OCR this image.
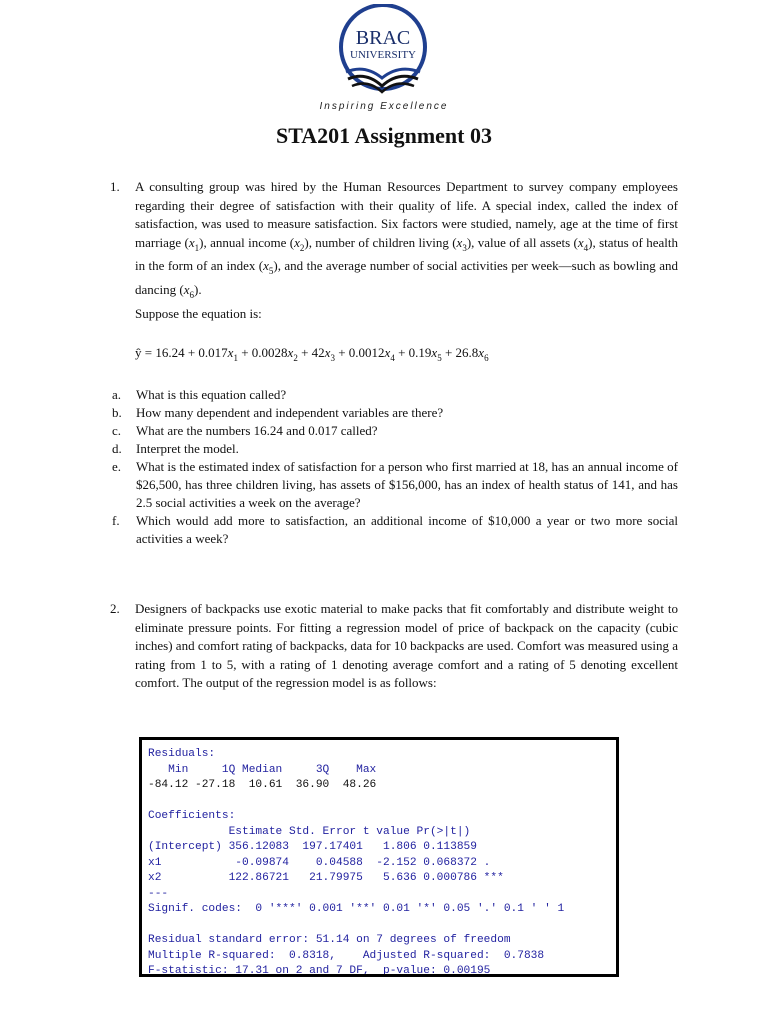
BRAC
UNIVERSITY
Inspiring Excellence
STA201 Assignment 03
1. A consulting group was hired by the Human Resources Department to survey company employees regarding their degree of satisfaction with their quality of life. A special index, called the index of satisfaction, was used to measure satisfaction. Six factors were studied, namely, age at the time of first marriage $(x_1)$, annual income $(x_2)$, number of children living $(x_3)$, value of all assets $(x_4)$, status of health in the form of an index $(x_5)$, and the average number of social activities per week—such as bowling and dancing $(x_6)$.
Suppose the equation is:
ŷ = $16.24 + 0.017x_1 + 0.0028x_2 + 42x_3 + 0.0012x_4 + 0.19x_5 + 26.8x_6$
a. What is this equation called?
b. How many dependent and independent variables are there?
c. What are the numbers 16.24 and 0.017 called?
d. Interpret the model.
e. What is the estimated index of satisfaction for a person who first married at 18, has an annual income of $26,500, has three children living, has assets of $156,000, has an index of health status of 141, and has 2.5 social activities a week on the average?
f. Which would add more to satisfaction, an additional income of $10,000 a year or two more social activities a week?
2. Designers of backpacks use exotic material to make packs that fit comfortably and distribute weight to eliminate pressure points. For fitting a regression model of price of backpack on the capacity (cubic inches) and comfort rating of backpacks, data for 10 backpacks are used. Comfort was measured using a rating from 1 to 5, with a rating of 1 denoting average comfort and a rating of 5 denoting excellent comfort. The output of the regression model is as follows:
Residuals:
Min     1Q Median     3Q    Max
-84.12 -27.18  10.61  36.90  48.26

Coefficients:
Estimate Std. Error t value Pr(>|t|)
(Intercept) 356.12083  197.17401   1.806 0.113859
x1           -0.09874    0.04588  -2.152 0.068372 .
x2          122.86721   21.79975   5.636 0.000786 ***
---
Signif. codes:  0 '***' 0.001 '**' 0.01 '*' 0.05 '.' 0.1 ' ' 1

Residual standard error: 51.14 on 7 degrees of freedom
Multiple R-squared:  0.8318,    Adjusted R-squared:  0.7838
F-statistic: 17.31 on 2 and 7 DF,  p-value: 0.00195
